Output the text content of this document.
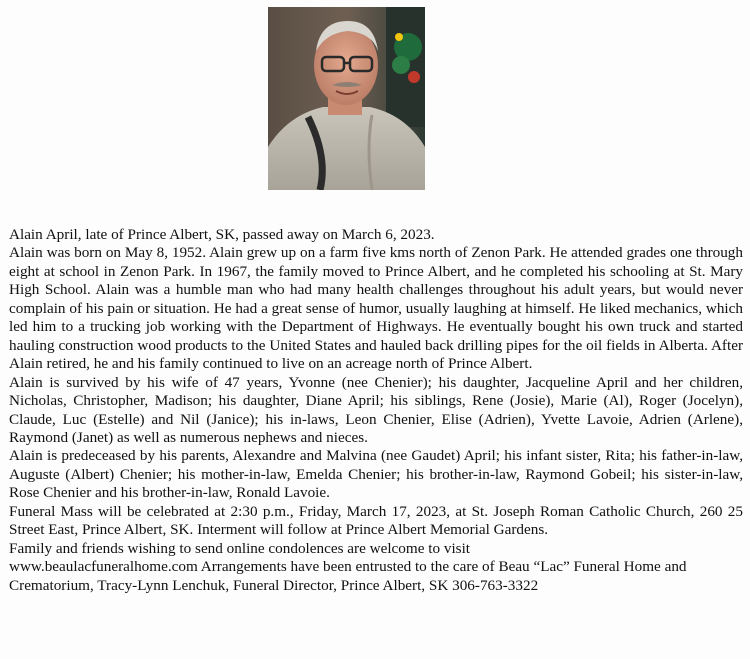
Alain April, late of Prince Albert, SK, passed away on March 6, 2023.

Alain was born on May 8, 1952. Alain grew up on a farm five kms north of Zenon Park. He attended grades one through eight at school in Zenon Park. In 1967, the family moved to Prince Albert, and he completed his schooling at St. Mary High School. Alain was a humble man who had many health challenges throughout his adult years, but would never complain of his pain or situation. He had a great sense of humor, usually laughing at himself. He liked mechanics, which led him to a trucking job working with the Department of Highways. He eventually bought his own truck and started hauling construction wood products to the United States and hauled back drilling pipes for the oil fields in Alberta. After Alain retired, he and his family continued to live on an acreage north of Prince Albert.

Alain is survived by his wife of 47 years, Yvonne (nee Chenier); his daughter, Jacqueline April and her children, Nicholas, Christopher, Madison; his daughter, Diane April; his siblings, Rene (Josie), Marie (Al), Roger (Jocelyn), Claude, Luc (Estelle) and Nil (Janice); his in-laws, Leon Chenier, Elise (Adrien), Yvette Lavoie, Adrien (Arlene), Raymond (Janet) as well as numerous nephews and nieces.

Alain is predeceased by his parents, Alexandre and Malvina (nee Gaudet) April; his infant sister, Rita; his father-in-law, Auguste (Albert) Chenier; his mother-in-law, Emelda Chenier; his brother-in-law, Raymond Gobeil; his sister-in-law, Rose Chenier and his brother-in-law, Ronald Lavoie.

Funeral Mass will be celebrated at 2:30 p.m., Friday, March 17, 2023, at St. Joseph Roman Catholic Church, 260 25 Street East, Prince Albert, SK. Interment will follow at Prince Albert Memorial Gardens.

Family and friends wishing to send online condolences are welcome to visit

www.beaulacfuneralhome.com Arrangements have been entrusted to the care of Beau “Lac” Funeral Home and Crematorium, Tracy-Lynn Lenchuk, Funeral Director, Prince Albert, SK 306-763-3322
